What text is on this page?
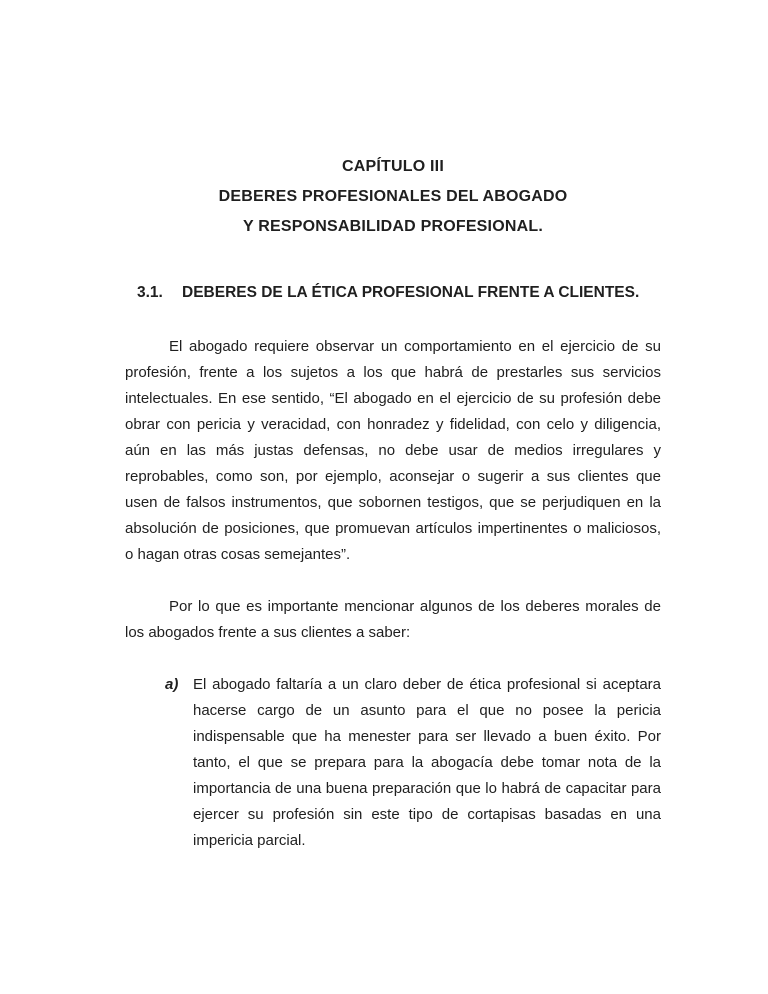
CAPÍTULO III
DEBERES PROFESIONALES DEL ABOGADO
Y RESPONSABILIDAD PROFESIONAL.
3.1.	DEBERES DE LA ÉTICA PROFESIONAL FRENTE A CLIENTES.

El abogado requiere observar un comportamiento en el ejercicio de su profesión, frente a los sujetos a los que habrá de prestarles sus servicios intelectuales. En ese sentido, “El abogado en el ejercicio de su profesión debe obrar con pericia y veracidad, con honradez y fidelidad, con celo y diligencia, aún en las más justas defensas, no debe usar de medios irregulares y reprobables, como son, por ejemplo, aconsejar o sugerir a sus clientes que usen de falsos instrumentos, que sobornen testigos, que se perjudiquen en la absolución de posiciones, que promuevan artículos impertinentes o maliciosos, o hagan otras cosas semejantes”.

Por lo que es importante mencionar algunos de los deberes morales de los abogados frente a sus clientes a saber:

a) El abogado faltaría a un claro deber de ética profesional si aceptara hacerse cargo de un asunto para el que no posee la pericia indispensable que ha menester para ser llevado a buen éxito. Por tanto, el que se prepara para la abogacía debe tomar nota de la importancia de una buena preparación que lo habrá de capacitar para ejercer su profesión sin este tipo de cortapisas basadas en una impericia parcial.
